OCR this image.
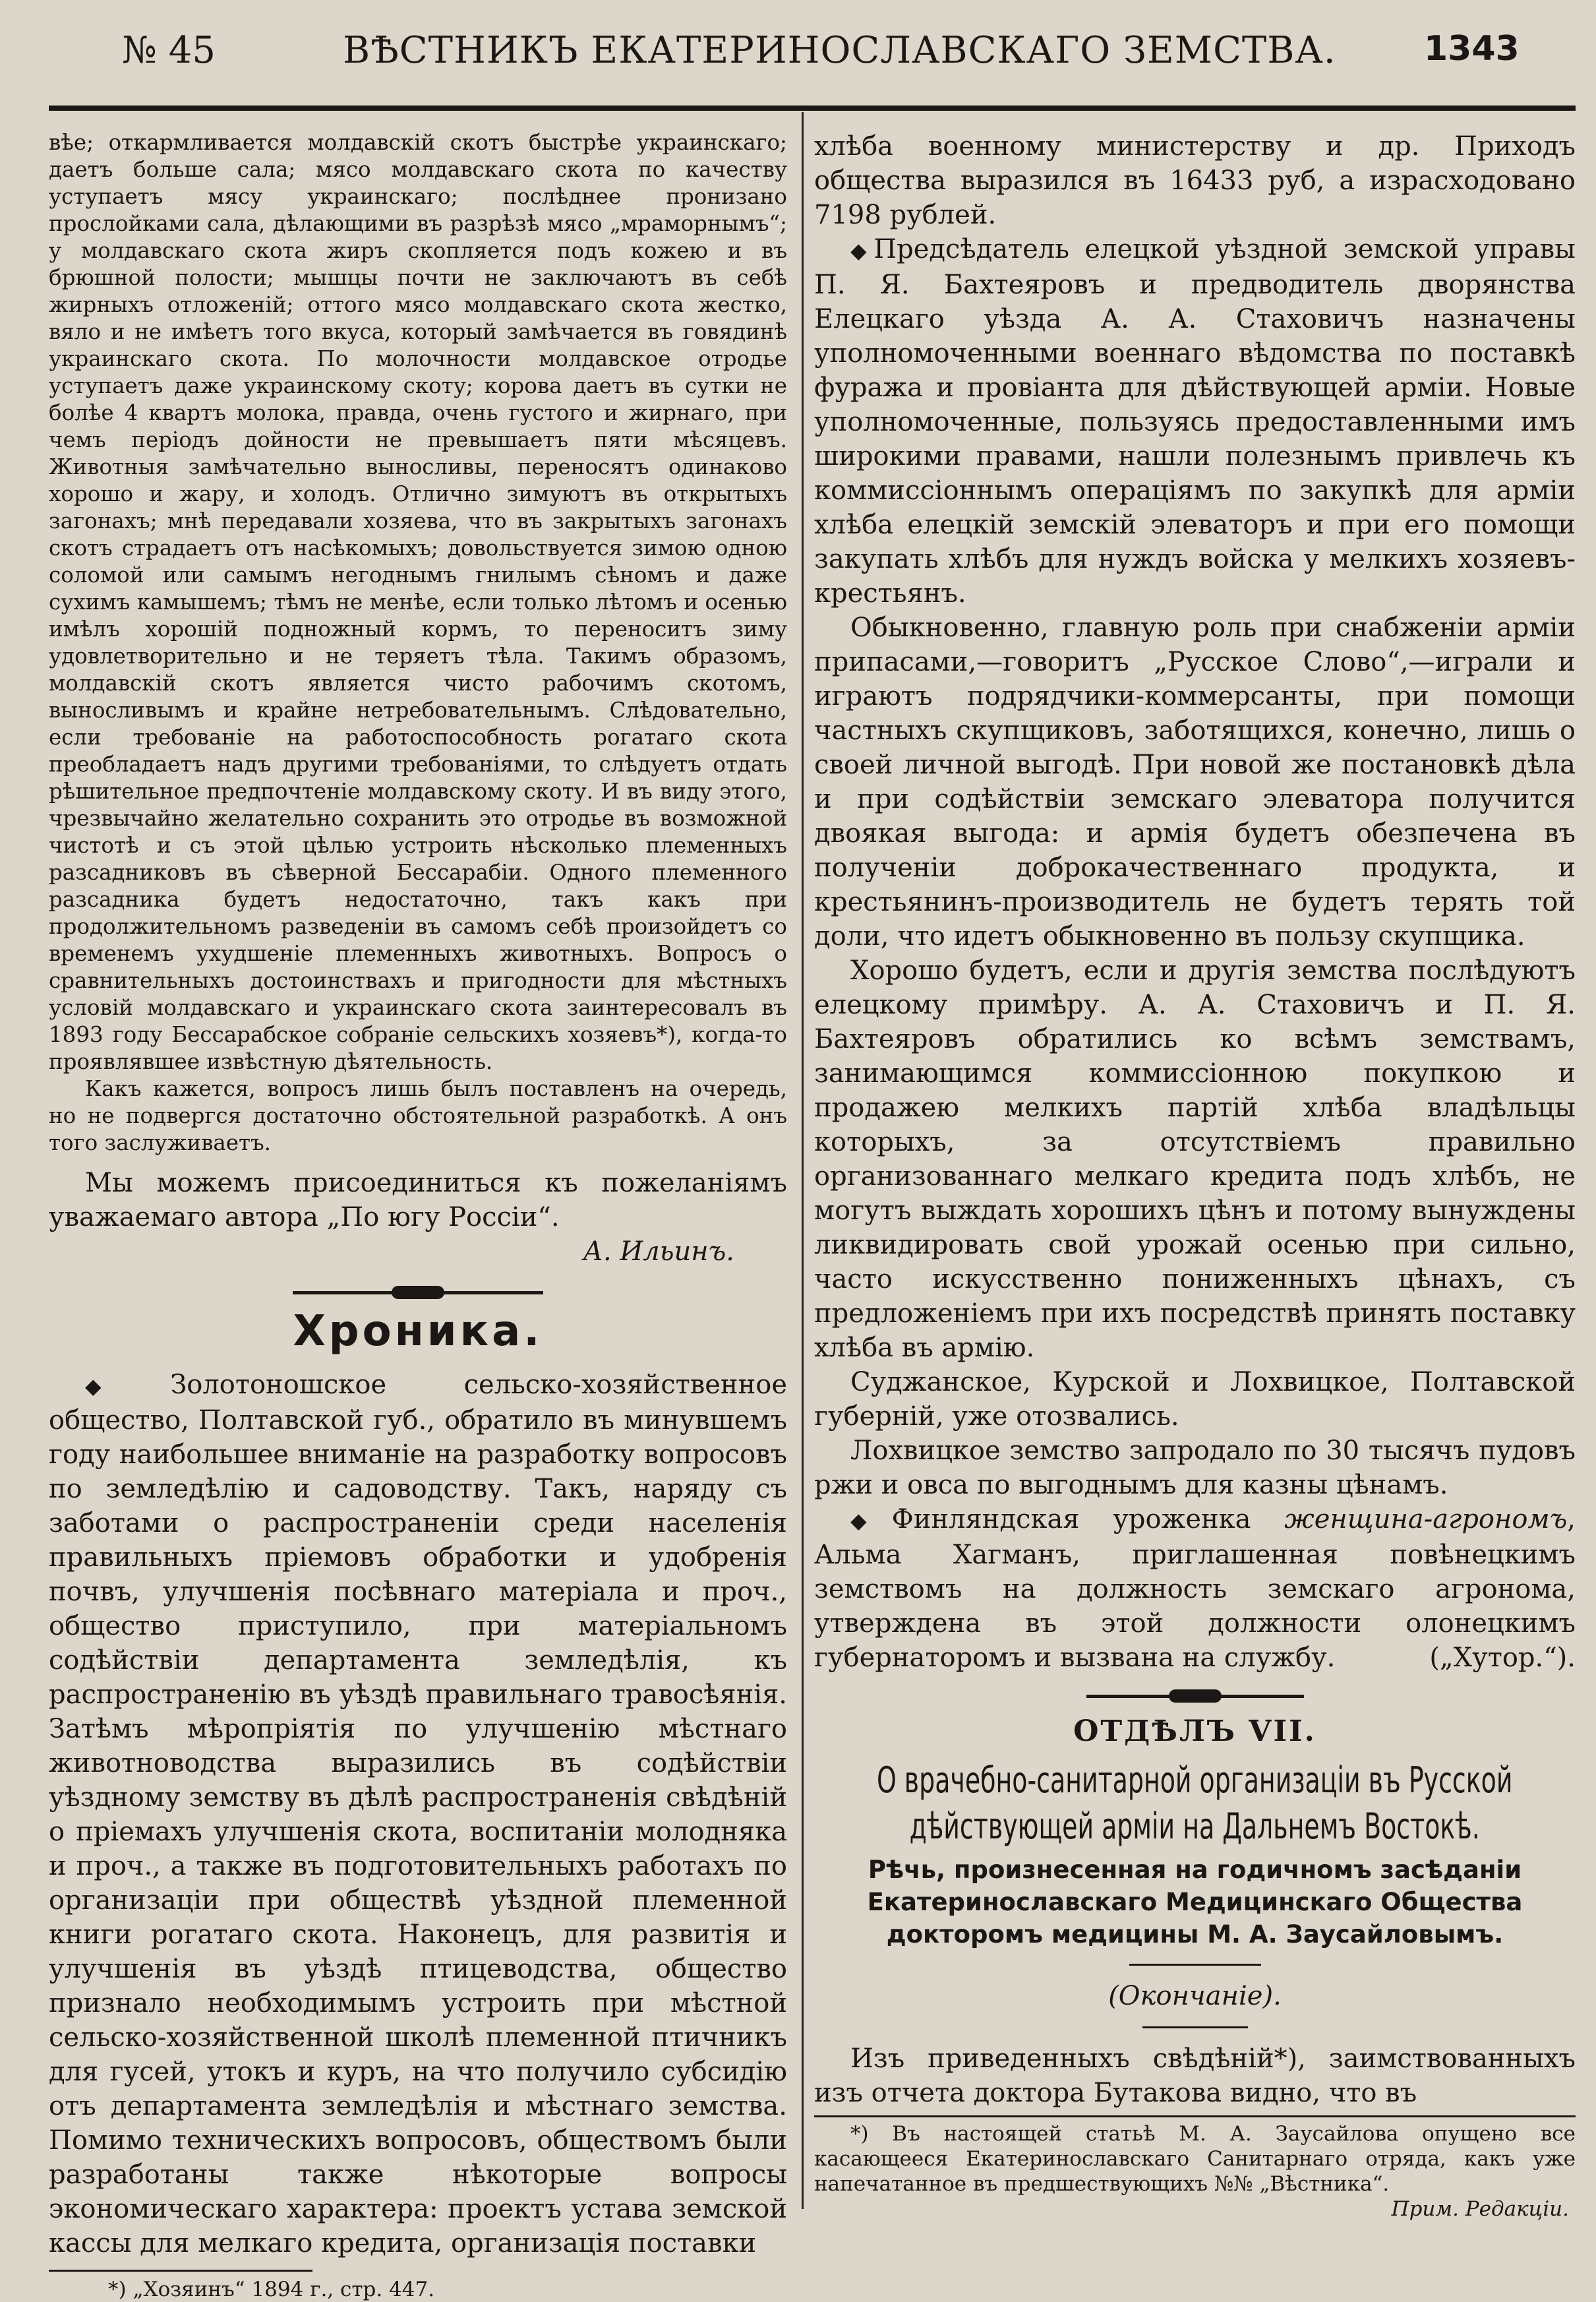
№ 45	ВѢСТНИКЪ ЕКАТЕРИНОСЛАВСКАГО ЗЕМСТВА.	1343

вѣе; откармливается молдавскій скотъ быстрѣе украинскаго; даетъ больше сала; мясо молдавскаго скота по качеству уступаетъ мясу украинскаго; послѣднее пронизано прослойками сала, дѣлающими въ разрѣзѣ мясо „мраморнымъ“; у молдавскаго скота жиръ скопляется подъ кожею и въ брюшной полости; мышцы почти не заключаютъ въ себѣ жирныхъ отложеній; оттого мясо молдавскаго скота жестко, вяло и не имѣетъ того вкуса, который замѣчается въ говядинѣ украинскаго скота. По молочности молдавское отродье уступаетъ даже украинскому скоту; корова даетъ въ сутки не болѣе 4 квартъ молока, правда, очень густого и жирнаго, при чемъ періодъ дойности не превышаетъ пяти мѣсяцевъ. Животныя замѣчательно выносливы, переносятъ одинаково хорошо и жару, и холодъ. Отлично зимуютъ въ открытыхъ загонахъ; мнѣ передавали хозяева, что въ закрытыхъ загонахъ скотъ страдаетъ отъ насѣкомыхъ; довольствуется зимою одною соломой или самымъ негоднымъ гнилымъ сѣномъ и даже сухимъ камышемъ; тѣмъ не менѣе, если только лѣтомъ и осенью имѣлъ хорошій подножный кормъ, то переноситъ зиму удовлетворительно и не теряетъ тѣла. Такимъ образомъ, молдавскій скотъ является чисто рабочимъ скотомъ, выносливымъ и крайне нетребовательнымъ. Слѣдовательно, если требованіе на работоспособность рогатаго скота преобладаетъ надъ другими требованіями, то слѣдуетъ отдать рѣшительное предпочтеніе молдавскому скоту. И въ виду этого, чрезвычайно желательно сохранить это отродье въ возможной чистотѣ и съ этой цѣлью устроить нѣсколько племенныхъ разсадниковъ въ сѣверной Бессарабіи. Одного племенного разсадника будетъ недостаточно, такъ какъ при продолжительномъ разведеніи въ самомъ себѣ произойдетъ со временемъ ухудшеніе племенныхъ животныхъ. Вопросъ о сравнительныхъ достоинствахъ и пригодности для мѣстныхъ условій молдавскаго и украинскаго скота заинтересовалъ въ 1893 году Бессарабское собраніе сельскихъ хозяевъ*), когда-то проявлявшее извѣстную дѣятельность.

Какъ кажется, вопросъ лишь былъ поставленъ на очередь, но не подвергся достаточно обстоятельной разработкѣ. А онъ того заслуживаетъ.

Мы можемъ присоединиться къ пожеланіямъ уважаемаго автора „По югу Россіи“.

А. Ильинъ.

Хроника.

◆Золотоношское сельско-хозяйственное общество, Полтавской губ., обратило въ минувшемъ году наибольшее вниманіе на разработку вопросовъ по земледѣлію и садоводству. Такъ, наряду съ заботами о распространеніи среди населенія правильныхъ пріемовъ обработки и удобренія почвъ, улучшенія посѣвнаго матеріала и проч., общество приступило, при матеріальномъ содѣйствіи департамента земледѣлія, къ распространенію въ уѣздѣ правильнаго травосѣянія. Затѣмъ мѣропріятія по улучшенію мѣстнаго животноводства выразились въ содѣйствіи уѣздному земству въ дѣлѣ распространенія свѣдѣній о пріемахъ улучшенія скота, воспитаніи молодняка и проч., а также въ подготовительныхъ работахъ по организаціи при обществѣ уѣздной племенной книги рогатаго скота. Наконецъ, для развитія и улучшенія въ уѣздѣ птицеводства, общество признало необходимымъ устроить при мѣстной сельско-хозяйственной школѣ племенной птичникъ для гусей, утокъ и куръ, на что получило субсидію отъ департамента земледѣлія и мѣстнаго земства. Помимо техническихъ вопросовъ, обществомъ были разработаны также нѣкоторые вопросы экономическаго характера: проектъ устава земской кассы для мелкаго кредита, организація поставки

*) „Хозяинъ“ 1894 г., стр. 447.

хлѣба военному министерству и др. Приходъ общества выразился въ 16433 руб, а израсходовано 7198 рублей.

◆Предсѣдатель елецкой уѣздной земской управы П. Я. Бахтеяровъ и предводитель дворянства Елецкаго уѣзда А. А. Стаховичъ назначены уполномоченными военнаго вѣдомства по поставкѣ фуража и провіанта для дѣйствующей арміи. Новые уполномоченные, пользуясь предоставленными имъ широкими правами, нашли полезнымъ привлечь къ коммиссіоннымъ операціямъ по закупкѣ для арміи хлѣба елецкій земскій элеваторъ и при его помощи закупать хлѣбъ для нуждъ войска у мелкихъ хозяевъ-крестьянъ.

Обыкновенно, главную роль при снабженіи арміи припасами,—говоритъ „Русское Слово“,—играли и играютъ подрядчики-коммерсанты, при помощи частныхъ скупщиковъ, заботящихся, конечно, лишь о своей личной выгодѣ. При новой же постановкѣ дѣла и при содѣйствіи земскаго элеватора получится двоякая выгода: и армія будетъ обезпечена въ полученіи доброкачественнаго продукта, и крестьянинъ-производитель не будетъ терять той доли, что идетъ обыкновенно въ пользу скупщика.

Хорошо будетъ, если и другія земства послѣдуютъ елецкому примѣру. А. А. Стаховичъ и П. Я. Бахтеяровъ обратились ко всѣмъ земствамъ, занимающимся коммиссіонною покупкою и продажею мелкихъ партій хлѣба владѣльцы которыхъ, за отсутствіемъ правильно организованнаго мелкаго кредита подъ хлѣбъ, не могутъ выждать хорошихъ цѣнъ и потому вынуждены ликвидировать свой урожай осенью при сильно, часто искусственно пониженныхъ цѣнахъ, съ предложеніемъ при ихъ посредствѣ принять поставку хлѣба въ армію.

Суджанское, Курской и Лохвицкое, Полтавской губерній, уже отозвались.

Лохвицкое земство запродало по 30 тысячъ пудовъ ржи и овса по выгоднымъ для казны цѣнамъ.

◆Финляндская уроженка женщина-агрономъ, Альма Хагманъ, приглашенная повѣнецкимъ земствомъ на должность земскаго агронома, утверждена въ этой должности олонецкимъ губернаторомъ и вызвана на службу.	(„Хутор.“).

ОТДѢЛЪ VII.
О врачебно-санитарной организаціи въ Русской дѣйствующей арміи на Дальнемъ Востокѣ.
Рѣчь, произнесенная на годичномъ засѣданіи Екатеринославскаго Медицинскаго Общества докторомъ медицины М. А. Заусайловымъ.

(Окончаніе).

Изъ приведенныхъ свѣдѣній*), заимствованныхъ изъ отчета доктора Бутакова видно, что въ

*) Въ настоящей статьѣ М. А. Заусайлова опущено все касающееся Екатеринославскаго Санитарнаго отряда, какъ уже напечатанное въ предшествующихъ №№ „Вѣстника“.

Прим. Редакціи.
